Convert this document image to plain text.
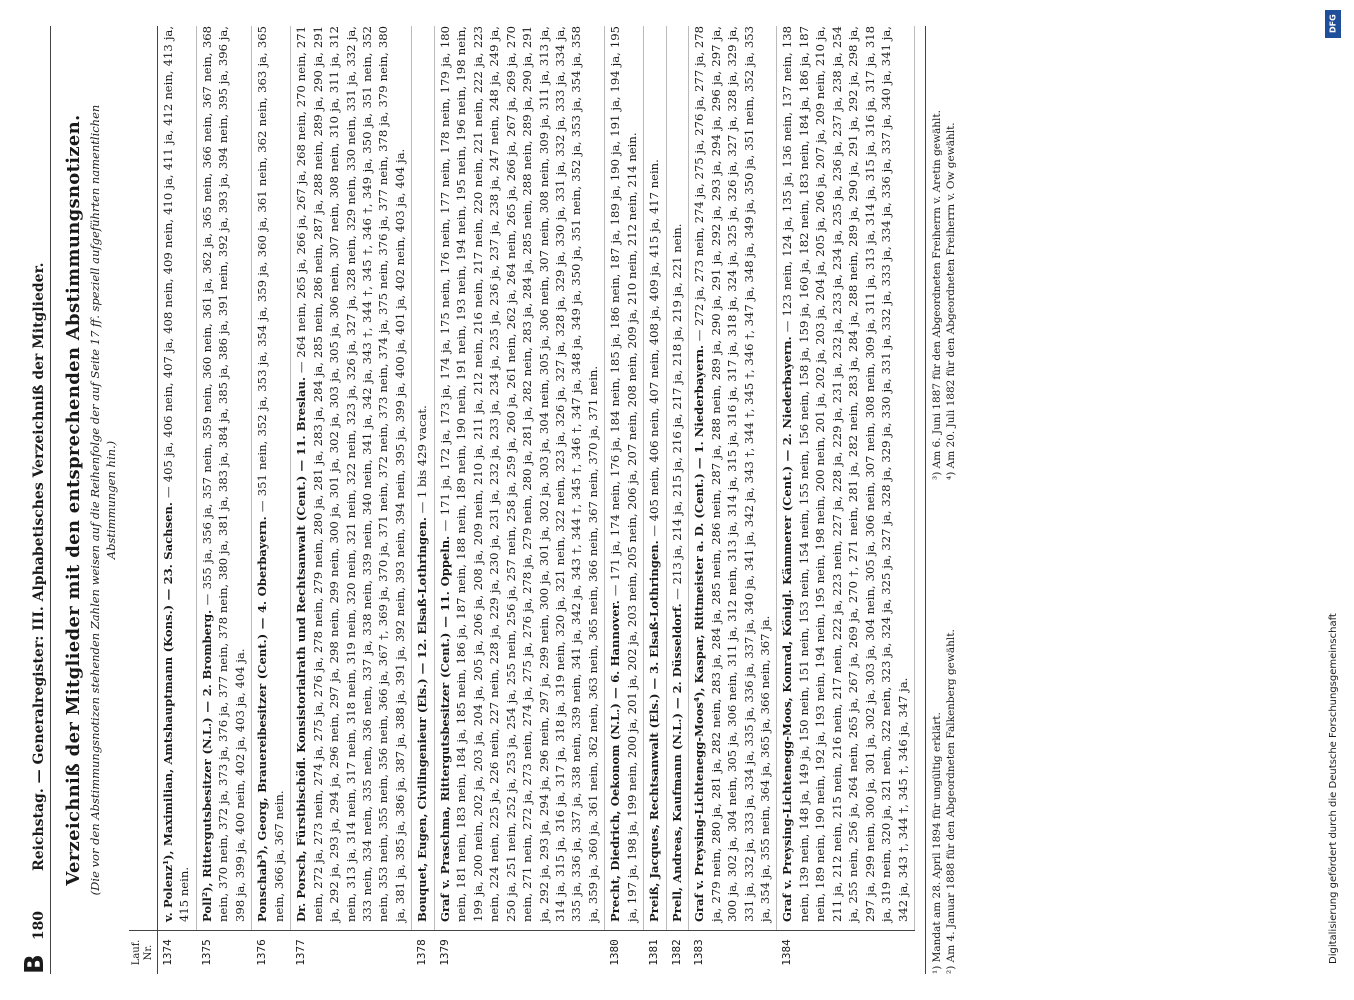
B
180
Reichstag. — Generalregister: III. Alphabetisches Verzeichniß der Mitglieder. Verzeichniß der Mitglieder mit den entsprechenden Abstimmungsnotizen. (Die vor den Abstimmungsnotizen stehenden Zahlen weisen auf die Reihenfolge der auf Seite 17 ff. speziell aufgeführten namentlichen Abstimmungen hin.)
Lauf. Nr. 1374
v. Polenz¹), Maximilian, Amtshauptmann (Kons.) — 23. Sachsen. — 405 ja, 406 nein, 407 ja, 408 nein, 409 nein, 410 ja, 411 ja, 412 nein, 413 ja, 415 nein.
1375
Poll²), Rittergutsbesitzer (N.L.) — 2. Bromberg. — 355 ja, 356 ja, 357 nein, 359 nein, 360 nein, 361 ja, 362 ja, 365 nein, 366 nein, 367 nein, 368 nein, 370 nein, 372 ja, 373 ja, 376 ja, 377 nein, 378 nein, 380 ja, 381 ja, 383 ja, 384 ja, 385 ja, 386 ja, 391 nein, 392 ja, 393 ja, 394 nein, 395 ja, 396 ja, 398 ja, 399 ja, 400 nein, 402 ja, 403 ja, 404 ja.
1376
Ponschab³), Georg, Brauereibesitzer (Cent.) — 4. Oberbayern. — 351 nein, 352 ja, 353 ja, 354 ja, 359 ja, 360 ja, 361 nein, 362 nein, 363 ja, 365 nein, 366 ja, 367 nein.
1377
Dr. Porsch, Fürstbischöfl. Konsistorialrath und Rechtsanwalt (Cent.) — 11. Breslau. — 264 nein, 265 ja, 266 ja, 267 ja, 268 nein, 270 nein, 271 nein, 272 ja, 273 nein, 274 ja, 275 ja, 276 ja, 278 nein, 279 nein, 280 ja, 281 ja, 283 ja, 284 ja, 285 nein, 286 nein, 287 ja, 288 nein, 289 ja, 290 ja, 291 ja, 292 ja, 293 ja, 294 ja, 296 nein, 297 ja, 298 nein, 299 nein, 300 ja, 301 ja, 302 ja, 303 ja, 305 ja, 306 nein, 307 nein, 308 nein, 310 ja, 311 ja, 312 nein, 313 ja, 314 nein, 317 nein, 318 nein, 319 nein, 320 nein, 321 nein, 322 nein, 323 ja, 326 ja, 327 ja, 328 nein, 329 nein, 330 nein, 331 ja, 332 ja, 333 nein, 334 nein, 335 nein, 336 nein, 337 ja, 338 nein, 339 nein, 340 nein, 341 ja, 342 ja, 343 †, 344 †, 345 †, 346 †, 349 ja, 350 ja, 351 nein, 352 nein, 353 nein, 355 nein, 356 nein, 366 ja, 367 †, 369 ja, 370 ja, 371 nein, 372 nein, 373 nein, 374 ja, 375 nein, 376 ja, 377 nein, 378 ja, 379 nein, 380 ja, 381 ja, 385 ja, 386 ja, 387 ja, 388 ja, 391 ja, 392 nein, 393 nein, 394 nein, 395 ja, 399 ja, 400 ja, 401 ja, 402 nein, 403 ja, 404 ja.
1378
Bouquet, Eugen, Civilingenieur (Els.) — 12. Elsaß-Lothringen. — 1 bis 429 vacat.
1379
Graf v. Praschma, Rittergutsbesitzer (Cent.) — 11. Oppeln. — 171 ja, 172 ja, 173 ja, 174 ja, 175 nein, 176 nein, 177 nein, 178 nein, 179 ja, 180 nein, 181 nein, 183 nein, 184 ja, 185 nein, 186 ja, 187 nein, 188 nein, 189 nein, 190 nein, 191 nein, 193 nein, 194 nein, 195 nein, 196 nein, 198 nein, 199 ja, 200 nein, 202 ja, 203 ja, 204 ja, 205 ja, 206 ja, 208 ja, 209 nein, 210 ja, 211 ja, 212 nein, 216 nein, 217 nein, 220 nein, 221 nein, 222 ja, 223 nein, 224 nein, 225 ja, 226 nein, 227 nein, 228 ja, 229 ja, 230 ja, 231 ja, 232 ja, 233 ja, 234 ja, 235 ja, 236 ja, 237 ja, 238 ja, 247 nein, 248 ja, 249 ja, 250 ja, 251 nein, 252 ja, 253 ja, 254 ja, 255 nein, 256 ja, 257 nein, 258 ja, 259 ja, 260 ja, 261 nein, 262 ja, 264 nein, 265 ja, 266 ja, 267 ja, 269 ja, 270 nein, 271 nein, 272 ja, 273 nein, 274 ja, 275 ja, 276 ja, 278 ja, 279 nein, 280 ja, 281 ja, 282 nein, 283 ja, 284 ja, 285 nein, 288 nein, 289 ja, 290 ja, 291 ja, 292 ja, 293 ja, 294 ja, 296 nein, 297 ja, 299 nein, 300 ja, 301 ja, 302 ja, 303 ja, 304 nein, 305 ja, 306 nein, 307 nein, 308 nein, 309 ja, 311 ja, 313 ja, 314 ja, 315 ja, 316 ja, 317 ja, 318 ja, 319 nein, 320 ja, 321 nein, 322 nein, 323 ja, 326 ja, 327 ja, 328 ja, 329 ja, 330 ja, 331 ja, 332 ja, 333 ja, 334 ja, 335 ja, 336 ja, 337 ja, 338 nein, 339 nein, 341 ja, 342 ja, 343 †, 344 †, 345 †, 346 †, 347 ja, 348 ja, 349 ja, 350 ja, 351 nein, 352 ja, 353 ja, 354 ja, 358 ja, 359 ja, 360 ja, 361 nein, 362 nein, 363 nein, 365 nein, 366 nein, 367 nein, 370 ja, 371 nein.
1380
Precht, Diedrich, Oekonom (N.L.) — 6. Hannover. — 171 ja, 174 nein, 176 ja, 184 nein, 185 ja, 186 nein, 187 ja, 189 ja, 190 ja, 191 ja, 194 ja, 195 ja, 197 ja, 198 ja, 199 nein, 200 ja, 201 ja, 202 ja, 203 nein, 205 nein, 206 ja, 207 nein, 208 nein, 209 ja, 210 nein, 212 nein, 214 nein.
1381
Preiß, Jacques, Rechtsanwalt (Els.) — 3. Elsaß-Lothringen. — 405 nein, 406 nein, 407 nein, 408 ja, 409 ja, 415 ja, 417 nein.
1382
Prell, Andreas, Kaufmann (N.L.) — 2. Düsseldorf. — 213 ja, 214 ja, 215 ja, 216 ja, 217 ja, 218 ja, 219 ja, 221 nein.
1383
Graf v. Preysing-Lichtenegg-Moos⁴), Kaspar, Rittmeister a. D. (Cent.) — 1. Niederbayern. — 272 ja, 273 nein, 274 ja, 275 ja, 276 ja, 277 ja, 278 ja, 279 nein, 280 ja, 281 ja, 282 nein, 283 ja, 284 ja, 285 nein, 286 nein, 287 ja, 288 nein, 289 ja, 290 ja, 291 ja, 292 ja, 293 ja, 294 ja, 296 ja, 297 ja, 300 ja, 302 ja, 304 nein, 305 ja, 306 nein, 311 ja, 312 nein, 313 ja, 314 ja, 315 ja, 316 ja, 317 ja, 318 ja, 324 ja, 325 ja, 326 ja, 327 ja, 328 ja, 329 ja, 331 ja, 332 ja, 333 ja, 334 ja, 335 ja, 336 ja, 337 ja, 340 ja, 341 ja, 342 ja, 343 †, 344 †, 345 †, 346 †, 347 ja, 348 ja, 349 ja, 350 ja, 351 nein, 352 ja, 353 ja, 354 ja, 355 nein, 364 ja, 365 ja, 366 nein, 367 ja.
1384
Graf v. Preysing-Lichtenegg-Moos, Konrad, Königl. Kämmerer (Cent.) — 2. Niederbayern. — 123 nein, 124 ja, 135 ja, 136 nein, 137 nein, 138 nein, 139 nein, 148 ja, 149 ja, 150 nein, 151 nein, 153 nein, 154 nein, 155 nein, 156 nein, 158 ja, 159 ja, 160 ja, 182 nein, 183 nein, 184 ja, 186 ja, 187 nein, 189 nein, 190 nein, 192 ja, 193 nein, 194 nein, 195 nein, 198 nein, 200 nein, 201 ja, 202 ja, 203 ja, 204 ja, 205 ja, 206 ja, 207 ja, 209 nein, 210 ja, 211 ja, 212 nein, 215 nein, 216 nein, 217 nein, 222 ja, 223 nein, 227 ja, 228 ja, 229 ja, 231 ja, 232 ja, 233 ja, 234 ja, 235 ja, 236 ja, 237 ja, 238 ja, 254 ja, 255 nein, 256 ja, 264 nein, 265 ja, 267 ja, 269 ja, 270 †, 271 nein, 281 ja, 282 nein, 283 ja, 284 ja, 288 nein, 289 ja, 290 ja, 291 ja, 292 ja, 298 ja, 297 ja, 299 nein, 300 ja, 301 ja, 302 ja, 303 ja, 304 nein, 305 ja, 306 nein, 307 nein, 308 nein, 309 ja, 311 ja, 313 ja, 314 ja, 315 ja, 316 ja, 317 ja, 318 ja, 319 nein, 320 ja, 321 nein, 322 nein, 323 ja, 324 ja, 325 ja, 327 ja, 328 ja, 329 ja, 330 ja, 331 ja, 332 ja, 333 ja, 334 ja, 336 ja, 337 ja, 340 ja, 341 ja, 342 ja, 343 †, 344 †, 345 †, 346 ja, 347 ja.	¹) Mandat am 28. April 1894 für ungültig erklärt. ²) Am 4. Januar 1888 für den Abgeordneten Falkenberg gewählt.
³) Am 6. Juni 1887 für den Abgeordneten Freiherrn v. Aretin gewählt. ⁴) Am 20. Juli 1882 für den Abgeordneten Freiherrn v. Ow gewählt.
DFG
Digitalisierung gefördert durch die Deutsche Forschungsgemeinschaft
